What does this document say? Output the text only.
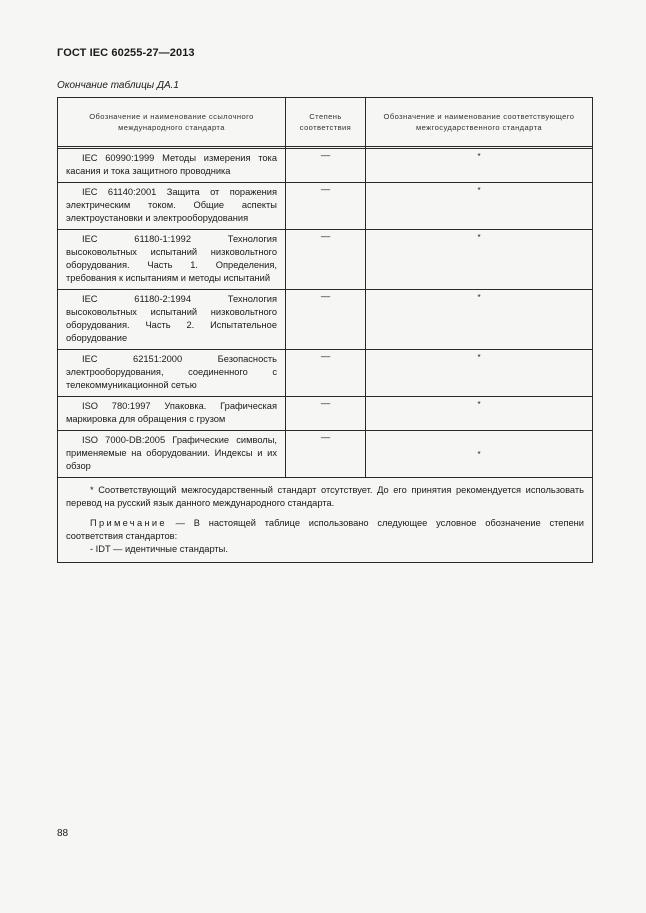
ГОСТ IEC 60255-27—2013
Окончание таблицы ДА.1
Обозначение и наименование ссылочного международного стандарта	Степень соответствия	Обозначение и наименование соответствующего межгосударственного стандарта

IEC 60990:1999 Методы измерения тока касания и тока защитного проводника	—	*
IEC 61140:2001 Защита от поражения электрическим током. Общие аспекты электроустановки и электрооборудования	—	*
IEC 61180-1:1992 Технология высоковольтных испытаний низковольтного оборудования. Часть 1. Определения, требования к испытаниям и методы испытаний	—	*
IEC 61180-2:1994 Технология высоковольтных испытаний низковольтного оборудования. Часть 2. Испытательное оборудование	—	*
IEC 62151:2000 Безопасность электрооборудования, соединенного с телекоммуникационной сетью	—	*
ISO 780:1997 Упаковка. Графическая маркировка для обращения с грузом	—	*
ISO 7000-DB:2005 Графические символы, применяемые на оборудовании. Индексы и их обзор	—	*

* Соответствующий межгосударственный стандарт отсутствует. До его принятия рекомендуется использовать перевод на русский язык данного международного стандарта.

Примечание — В настоящей таблице использовано следующее условное обозначение степени соответствия стандартов:

- IDT — идентичные стандарты.		

88
